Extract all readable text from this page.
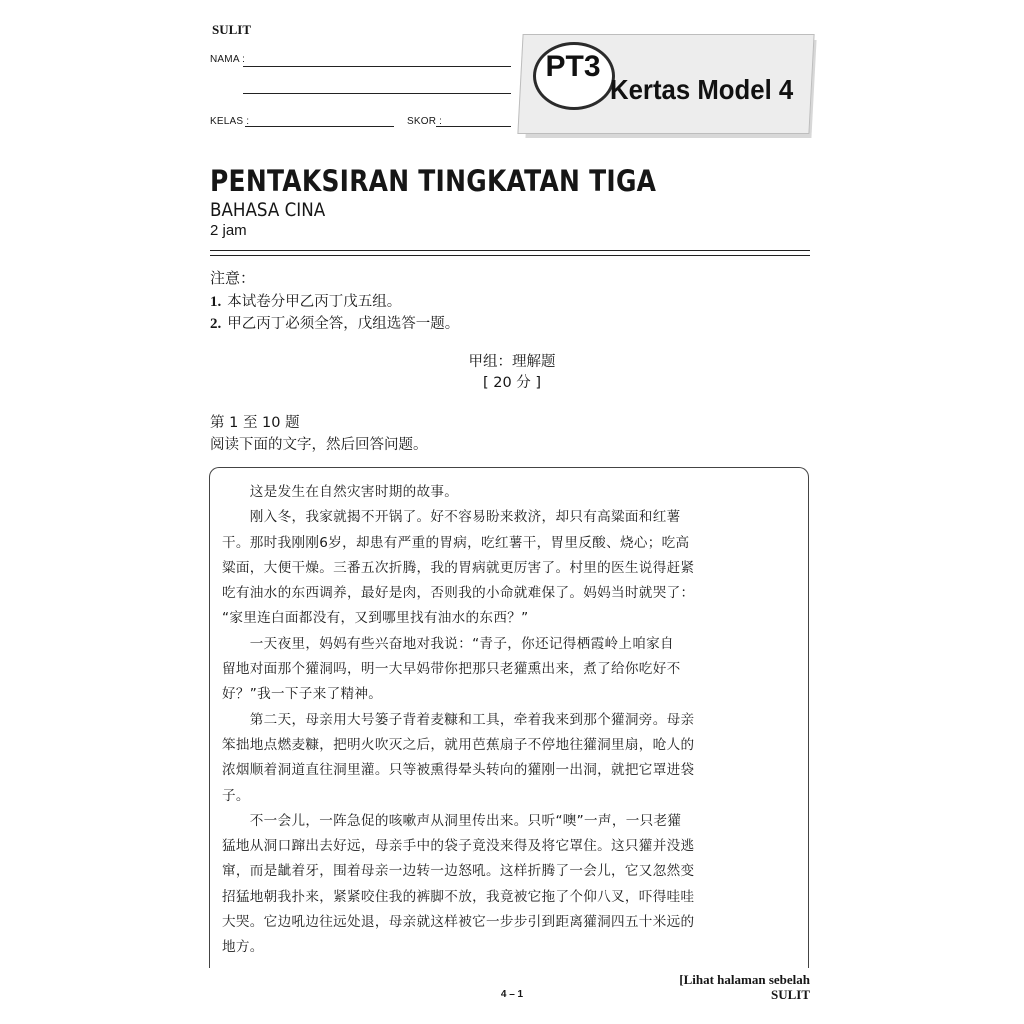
SULIT
NAMA :
KELAS :	SKOR :
PT3
Kertas Model 4
PENTAKSIRAN TINGKATAN TIGA
BAHASA CINA
2 jam
注意：
1. 本试卷分甲乙丙丁戊五组。
2. 甲乙丙丁必须全答，戊组选答一题。
甲组：理解题
[ 20 分 ]
第 1 至 10 题
阅读下面的文字，然后回答问题。

　　这是发生在自然灾害时期的故事。

　　刚入冬，我家就揭不开锅了。好不容易盼来救济，却只有高粱面和红薯

干。那时我刚刚6岁，却患有严重的胃病，吃红薯干，胃里反酸、烧心；吃高

粱面，大便干燥。三番五次折腾，我的胃病就更厉害了。村里的医生说得赶紧

吃有油水的东西调养，最好是肉，否则我的小命就难保了。妈妈当时就哭了：

“家里连白面都没有，又到哪里找有油水的东西？”

　　一天夜里，妈妈有些兴奋地对我说：“青子，你还记得栖霞岭上咱家自

留地对面那个獾洞吗，明一大早妈带你把那只老獾熏出来，煮了给你吃好不

好？”我一下子来了精神。

　　第二天，母亲用大号篓子背着麦糠和工具，牵着我来到那个獾洞旁。母亲

笨拙地点燃麦糠，把明火吹灭之后，就用芭蕉扇子不停地往獾洞里扇，呛人的

浓烟顺着洞道直往洞里灌。只等被熏得晕头转向的獾刚一出洞，就把它罩进袋

子。

　　不一会儿，一阵急促的咳嗽声从洞里传出来。只听“噢”一声，一只老獾

猛地从洞口蹿出去好远，母亲手中的袋子竟没来得及将它罩住。这只獾并没逃

窜，而是龇着牙，围着母亲一边转一边怒吼。这样折腾了一会儿，它又忽然变

招猛地朝我扑来，紧紧咬住我的裤脚不放，我竟被它拖了个仰八叉，吓得哇哇

大哭。它边吼边往远处退，母亲就这样被它一步步引到距离獾洞四五十米远的

地方。

[Lihat halaman sebelah
4 – 1	SULIT
